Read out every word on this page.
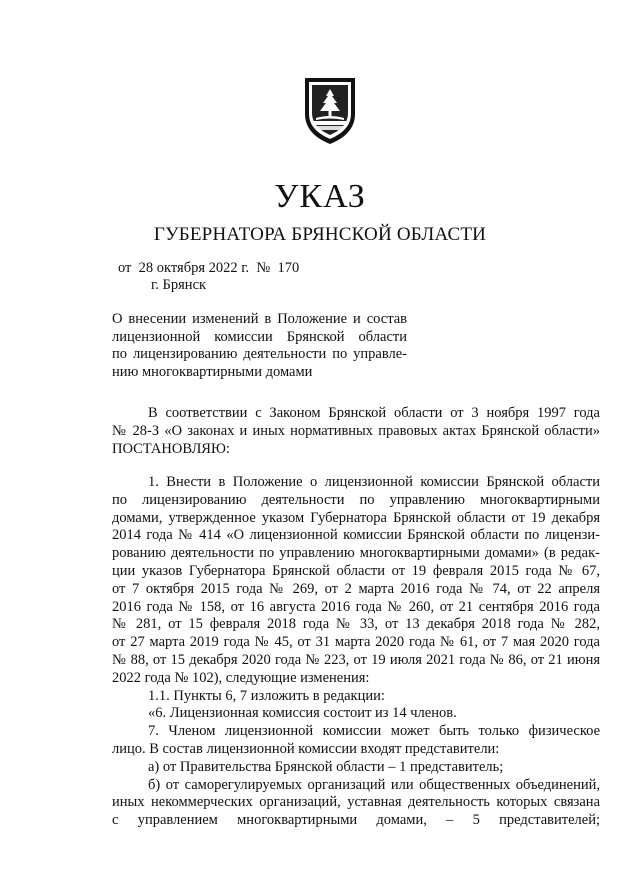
УКАЗ
ГУБЕРНАТОРА БРЯНСКОЙ ОБЛАСТИ
от  28 октября 2022 г.  №  170
г. Брянск
О внесении изменений в Положение и состав
лицензионной комиссии Брянской области
по лицензированию деятельности по управле-
нию многоквартирными домами
В соответствии с Законом Брянской области от 3 ноября 1997 года
№ 28-З «О законах и иных нормативных правовых актах Брянской области»
ПОСТАНОВЛЯЮ:
1. Внести в Положение о лицензионной комиссии Брянской области
по лицензированию деятельности по управлению многоквартирными
домами, утвержденное указом Губернатора Брянской области от 19 декабря
2014 года № 414 «О лицензионной комиссии Брянской области по лицензи-
рованию деятельности по управлению многоквартирными домами» (в редак-
ции указов Губернатора Брянской области от 19 февраля 2015 года № 67,
от 7 октября 2015 года № 269, от 2 марта 2016 года № 74, от 22 апреля
2016 года № 158, от 16 августа 2016 года № 260, от 21 сентября 2016 года
№ 281, от 15 февраля 2018 года № 33, от 13 декабря 2018 года № 282,
от 27 марта 2019 года № 45, от 31 марта 2020 года № 61, от 7 мая 2020 года
№ 88, от 15 декабря 2020 года № 223, от 19 июля 2021 года № 86, от 21 июня
2022 года № 102), следующие изменения:
1.1. Пункты 6, 7 изложить в редакции:
«6. Лицензионная комиссия состоит из 14 членов.
7. Членом лицензионной комиссии может быть только физическое
лицо. В состав лицензионной комиссии входят представители:
а) от Правительства Брянской области – 1 представитель;
б) от саморегулируемых организаций или общественных объединений,
иных некоммерческих организаций, уставная деятельность которых связана
с управлением многоквартирными домами, – 5 представителей;
